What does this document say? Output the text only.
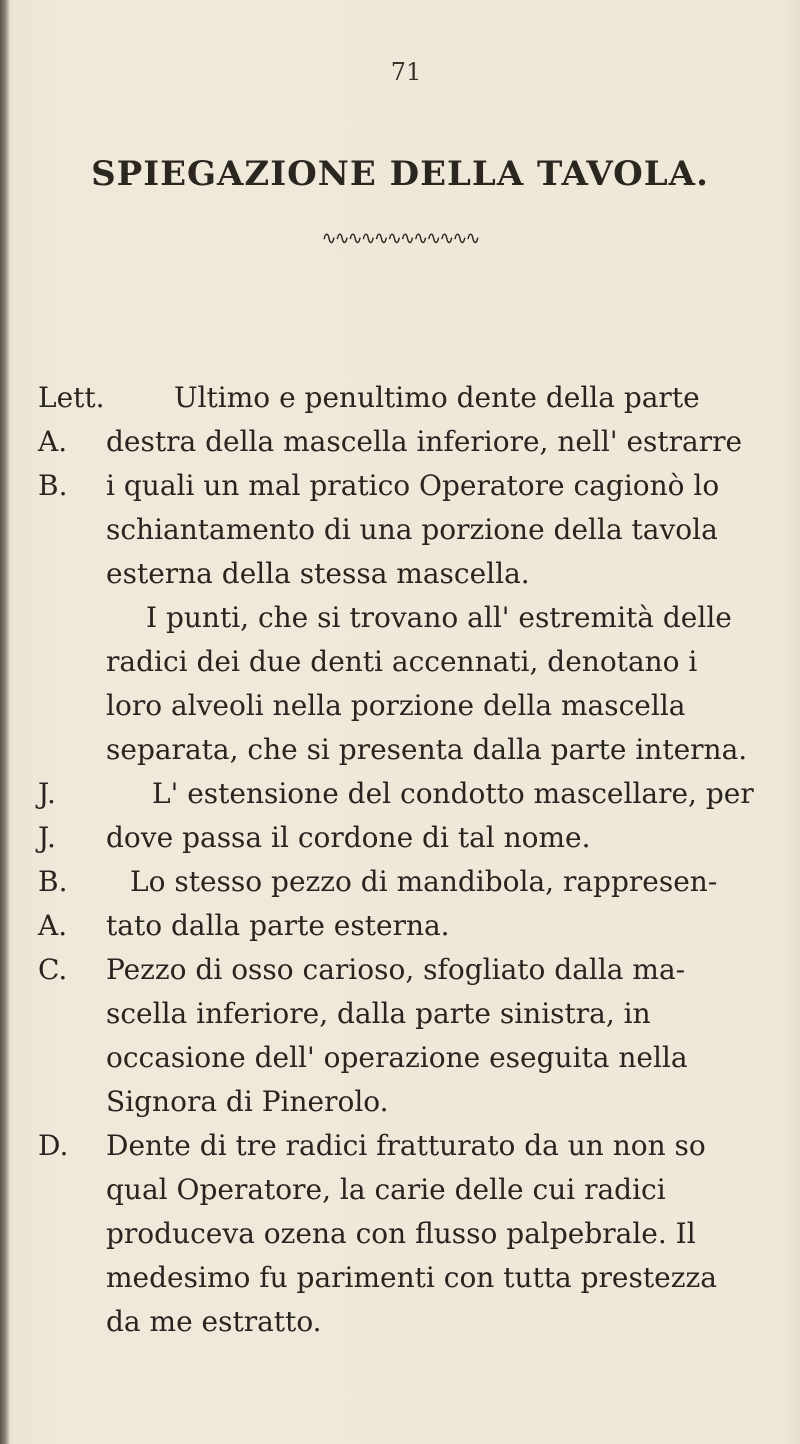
71
SPIEGAZIONE DELLA TAVOLA.
∿∿∿∿∿∿∿∿∿∿∿∿
Lett. A. B.
Ultimo e penultimo dente della parte
destra della mascella inferiore, nell' estrarre
i quali un mal pratico Operatore cagionò lo
schiantamento di una porzione della tavola
esterna della stessa mascella.
I punti, che si trovano all' estremità delle
radici dei due denti accennati, denotano i
loro alveoli nella porzione della mascella
separata, che si presenta dalla parte interna.
J. J.
L' estensione del condotto mascellare, per
dove passa il cordone di tal nome.
B. A.
Lo stesso pezzo di mandibola, rappresen-
tato dalla parte esterna.
C. Pezzo di osso carioso, sfogliato dalla ma-
scella inferiore, dalla parte sinistra, in
occasione dell' operazione eseguita nella
Signora di Pinerolo.
D. Dente di tre radici fratturato da un non so
qual Operatore, la carie delle cui radici
produceva ozena con flusso palpebrale. Il
medesimo fu parimenti con tutta prestezza
da me estratto.
